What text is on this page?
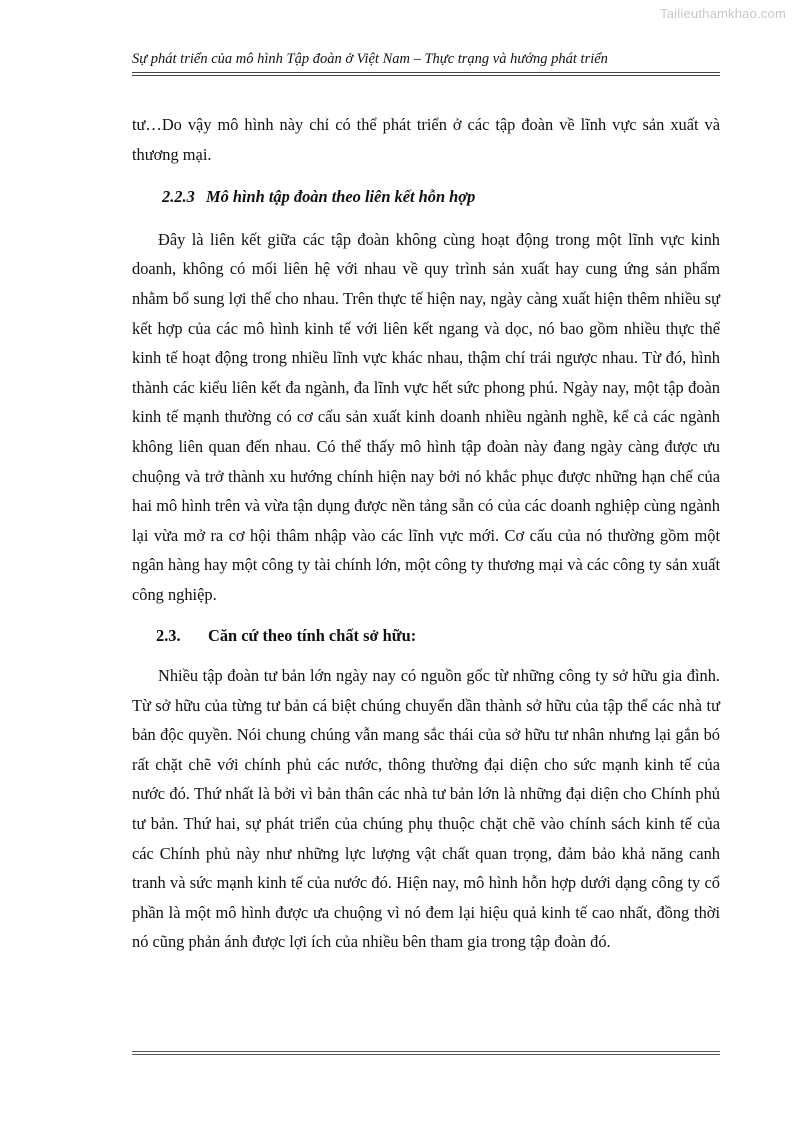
Tailieuthamkhao.com
Sự phát triển của mô hình Tập đoàn ở Việt Nam – Thực trạng và hướng phát triển

tư…Do vậy mô hình này chỉ có thể phát triển ở các tập đoàn về lĩnh vực sản xuất và thương mại.

2.2.3 Mô hình tập đoàn theo liên kết hỗn hợp

Đây là liên kết giữa các tập đoàn không cùng hoạt động trong một lĩnh vực kinh doanh, không có mối liên hệ với nhau về quy trình sản xuất hay cung ứng sản phẩm nhằm bổ sung lợi thế cho nhau. Trên thực tế hiện nay, ngày càng xuất hiện thêm nhiều sự kết hợp của các mô hình kinh tế với liên kết ngang và dọc, nó bao gồm nhiều thực thể kinh tế hoạt động trong nhiều lĩnh vực khác nhau, thậm chí trái ngược nhau. Từ đó, hình thành các kiểu liên kết đa ngành, đa lĩnh vực hết sức phong phú. Ngày nay, một tập đoàn kinh tế mạnh thường có cơ cấu sản xuất kinh doanh nhiều ngành nghề, kể cả các ngành không liên quan đến nhau. Có thể thấy mô hình tập đoàn này đang ngày càng được ưu chuộng và trở thành xu hướng chính hiện nay bởi nó khắc phục được những hạn chế của hai mô hình trên và vừa tận dụng được nền tảng sẵn có của các doanh nghiệp cùng ngành lại vừa mở ra cơ hội thâm nhập vào các lĩnh vực mới. Cơ cấu của nó thường gồm một ngân hàng hay một công ty tài chính lớn, một công ty thương mại và các công ty sản xuất công nghiệp.

2.3. Căn cứ theo tính chất sở hữu:

Nhiều tập đoàn tư bản lớn ngày nay có nguồn gốc từ những công ty sở hữu gia đình. Từ sở hữu của từng tư bản cá biệt chúng chuyển dần thành sở hữu của tập thể các nhà tư bản độc quyền. Nói chung chúng vẫn mang sắc thái của sở hữu tư nhân nhưng lại gắn bó rất chặt chẽ với chính phủ các nước, thông thường đại diện cho sức mạnh kinh tế của nước đó. Thứ nhất là bởi vì bản thân các nhà tư bản lớn là những đại diện cho Chính phủ tư bản. Thứ hai, sự phát triển của chúng phụ thuộc chặt chẽ vào chính sách kinh tế của các Chính phủ này như những lực lượng vật chất quan trọng, đảm bảo khả năng canh tranh và sức mạnh kinh tế của nước đó. Hiện nay, mô hình hỗn hợp dưới dạng công ty cổ phần là một mô hình được ưa chuộng vì nó đem lại hiệu quả kinh tế cao nhất, đồng thời nó cũng phản ánh được lợi ích của nhiều bên tham gia trong tập đoàn đó.
